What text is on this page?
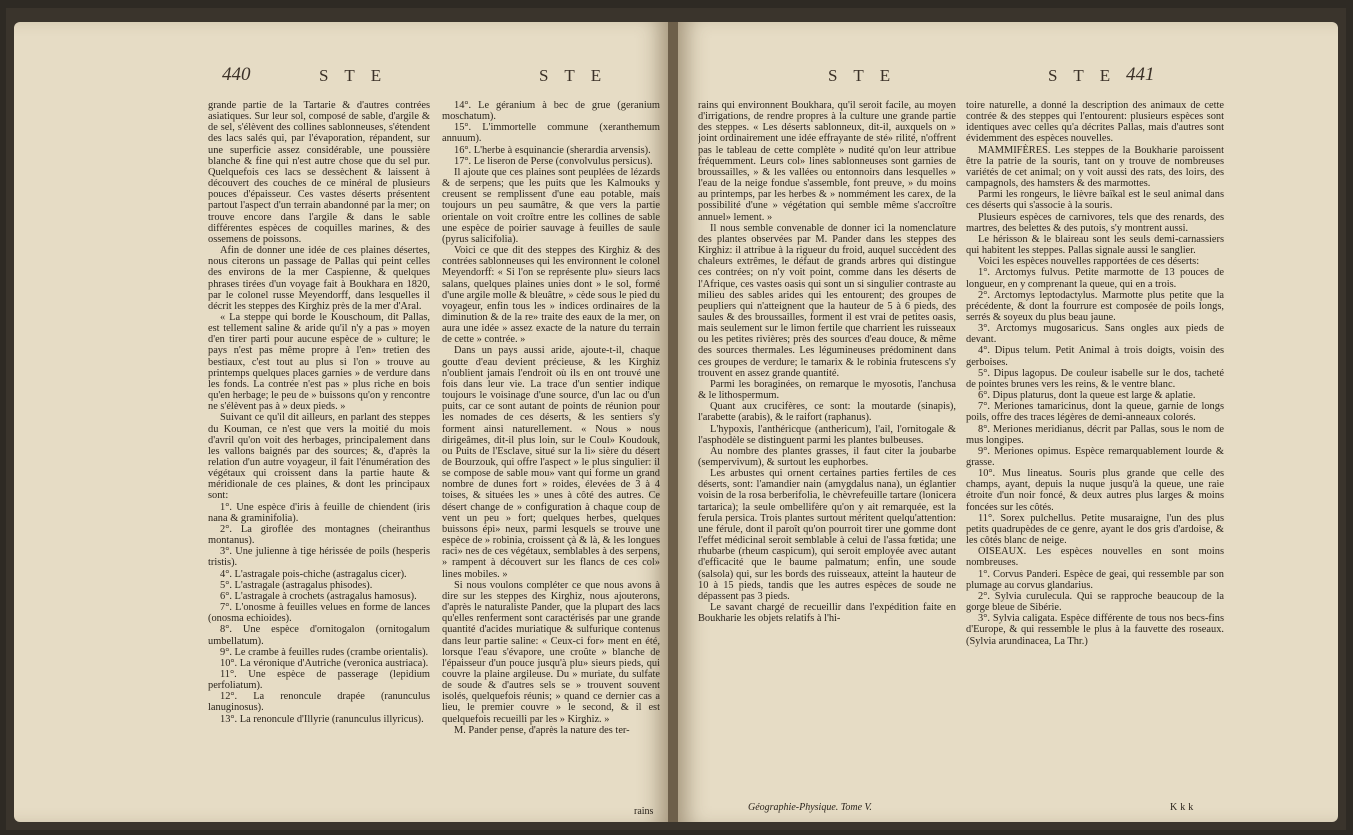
440	S T E	S T E

grande partie de la Tartarie & d'autres contrées asiatiques. Sur leur sol, composé de sable, d'argile & de sel, s'élèvent des collines sablonneuses, s'étendent des lacs salés qui, par l'évaporation, répandent, sur une superficie assez considérable, une poussière blanche & fine qui n'est autre chose que du sel pur. Quelquefois ces lacs se dessèchent & laissent à découvert des couches de ce minéral de plusieurs pouces d'épaisseur. Ces vastes déserts présentent partout l'aspect d'un terrain abandonné par la mer; on trouve encore dans l'argile & dans le sable différentes espèces de coquilles marines, & des ossemens de poissons.

Afin de donner une idée de ces plaines désertes, nous citerons un passage de Pallas qui peint celles des environs de la mer Caspienne, & quelques phrases tirées d'un voyage fait à Boukhara en 1820, par le colonel russe Meyendorff, dans lesquelles il décrit les steppes des Kirghiz près de la mer d'Aral.

« La steppe qui borde le Kouschoum, dit Pallas, est tellement saline & aride qu'il n'y a pas » moyen d'en tirer parti pour aucune espèce de » culture; le pays n'est pas même propre à l'en» tretien des bestiaux, c'est tout au plus si l'on » trouve au printemps quelques places garnies » de verdure dans les fonds. La contrée n'est pas » plus riche en bois qu'en herbage; le peu de » buissons qu'on y rencontre ne s'élèvent pas à » deux pieds. »

Suivant ce qu'il dit ailleurs, en parlant des steppes du Kouman, ce n'est que vers la moitié du mois d'avril qu'on voit des herbages, principalement dans les vallons baignés par des sources; &, d'après la relation d'un autre voyageur, il fait l'énumération des végétaux qui croissent dans la partie haute & méridionale de ces plaines, & dont les principaux sont:

1°. Une espèce d'iris à feuille de chiendent (iris nana & graminifolia).

2°. La giroflée des montagnes (cheiranthus montanus).

3°. Une julienne à tige hérissée de poils (hesperis tristis).

4°. L'astragale pois-chiche (astragalus cicer).

5°. L'astragale (astragalus phisodes).

6°. L'astragale à crochets (astragalus hamosus).

7°. L'onosme à feuilles velues en forme de lances (onosma echioides).

8°. Une espèce d'ornitogalon (ornitogalum umbellatum).

9°. Le crambe à feuilles rudes (crambe orientalis).

10°. La véronique d'Autriche (veronica austriaca).

11°. Une espèce de passerage (lepidium perfoliatum).

12°. La renoncule drapée (ranunculus lanuginosus).

13°. La renoncule d'Illyrie (ranunculus illyricus).

14°. Le géranium à bec de grue (geranium moschatum).

15°. L'immortelle commune (xeranthemum annuum).

16°. L'herbe à esquinancie (sherardia arvensis).

17°. Le liseron de Perse (convolvulus persicus).

Il ajoute que ces plaines sont peuplées de lézards & de serpens; que les puits que les Kalmouks y creusent se remplissent d'une eau potable, mais toujours un peu saumâtre, & que vers la partie orientale on voit croître entre les collines de sable une espèce de poirier sauvage à feuilles de saule (pyrus salicifolia).

Voici ce que dit des steppes des Kirghiz & des contrées sablonneuses qui les environnent le colonel Meyendorff: « Si l'on se représente plu» sieurs lacs salans, quelques plaines unies dont » le sol, formé d'une argile molle & bleuâtre, » cède sous le pied du voyageur, enfin tous les » indices ordinaires de la diminution & de la re» traite des eaux de la mer, on aura une idée » assez exacte de la nature du terrain de cette » contrée. »

Dans un pays aussi aride, ajoute-t-il, chaque goutte d'eau devient précieuse, & les Kirghiz n'oublient jamais l'endroit où ils en ont trouvé une fois dans leur vie. La trace d'un sentier indique toujours le voisinage d'une source, d'un lac ou d'un puits, car ce sont autant de points de réunion pour les nomades de ces déserts, & les sentiers s'y forment ainsi naturellement. « Nous » nous dirigeâmes, dit-il plus loin, sur le Coul» Koudouk, ou Puits de l'Esclave, situé sur la li» sière du désert de Bourzouk, qui offre l'aspect » le plus singulier: il se compose de sable mou» vant qui forme un grand nombre de dunes fort » roides, élevées de 3 à 4 toises, & situées les » unes à côté des autres. Ce désert change de » configuration à chaque coup de vent un peu » fort; quelques herbes, quelques buissons épi» neux, parmi lesquels se trouve une espèce de » robinia, croissent çà & là, & les longues raci» nes de ces végétaux, semblables à des serpens, » rampent à découvert sur les flancs de ces col» lines mobiles. »

Si nous voulons compléter ce que nous avons à dire sur les steppes des Kirghiz, nous ajouterons, d'après le naturaliste Pander, que la plupart des lacs qu'elles renferment sont caractérisés par une grande quantité d'acides muriatique & sulfurique contenus dans leur partie saline: « Ceux-ci for» ment en été, lorsque l'eau s'évapore, une croûte » blanche de l'épaisseur d'un pouce jusqu'à plu» sieurs pieds, qui couvre la plaine argileuse. Du » muriate, du sulfate de soude & d'autres sels se » trouvent souvent isolés, quelquefois réunis; » quand ce dernier cas a lieu, le premier couvre » le second, & il est quelquefois recueilli par les » Kirghiz. »

M. Pander pense, d'après la nature des ter-

rains
S T E	S T E 441

rains qui environnent Boukhara, qu'il seroit facile, au moyen d'irrigations, de rendre propres à la culture une grande partie des steppes. « Les déserts sablonneux, dit-il, auxquels on » joint ordinairement une idée effrayante de sté» rilité, n'offrent pas le tableau de cette complète » nudité qu'on leur attribue fréquemment. Leurs col» lines sablonneuses sont garnies de broussailles, » & les vallées ou entonnoirs dans lesquelles » l'eau de la neige fondue s'assemble, font preuve, » du moins au printemps, par les herbes & » nommément les carex, de la possibilité d'une » végétation qui semble même s'accroître annuel» lement. »

Il nous semble convenable de donner ici la nomenclature des plantes observées par M. Pander dans les steppes des Kirghiz: il attribue à la rigueur du froid, auquel succèdent des chaleurs extrêmes, le défaut de grands arbres qui distingue ces contrées; on n'y voit point, comme dans les déserts de l'Afrique, ces vastes oasis qui sont un si singulier contraste au milieu des sables arides qui les entourent; des groupes de peupliers qui n'atteignent que la hauteur de 5 à 6 pieds, des saules & des broussailles, forment il est vrai de petites oasis, mais seulement sur le limon fertile que charrient les ruisseaux ou les petites rivières; près des sources d'eau douce, & même des sources thermales. Les légumineuses prédominent dans ces groupes de verdure; le tamarix & le robinia frutescens s'y trouvent en assez grande quantité.

Parmi les boraginées, on remarque le myosotis, l'anchusa & le lithospermum.

Quant aux crucifères, ce sont: la moutarde (sinapis), l'arabette (arabis), & le raifort (raphanus).

L'hypoxis, l'anthéricque (anthericum), l'ail, l'ornitogale & l'asphodèle se distinguent parmi les plantes bulbeuses.

Au nombre des plantes grasses, il faut citer la joubarbe (sempervivum), & surtout les euphorbes.

Les arbustes qui ornent certaines parties fertiles de ces déserts, sont: l'amandier nain (amygdalus nana), un églantier voisin de la rosa berberifolia, le chèvrefeuille tartare (lonicera tartarica); la seule ombellifère qu'on y ait remarquée, est la ferula persica. Trois plantes surtout méritent quelqu'attention: une férule, dont il paroît qu'on pourroit tirer une gomme dont l'effet médicinal seroit semblable à celui de l'assa fœtida; une rhubarbe (rheum caspicum), qui seroit employée avec autant d'efficacité que le baume palmatum; enfin, une soude (salsola) qui, sur les bords des ruisseaux, atteint la hauteur de 10 à 15 pieds, tandis que les autres espèces de soude ne dépassent pas 3 pieds.

Le savant chargé de recueillir dans l'expédition faite en Boukharie les objets relatifs à l'hi-

Géographie-Physique. Tome V.

toire naturelle, a donné la description des animaux de cette contrée & des steppes qui l'entourent: plusieurs espèces sont identiques avec celles qu'a décrites Pallas, mais d'autres sont évidemment des espèces nouvelles.

MAMMIFÈRES. Les steppes de la Boukharie paroissent être la patrie de la souris, tant on y trouve de nombreuses variétés de cet animal; on y voit aussi des rats, des loirs, des campagnols, des hamsters & des marmottes.

Parmi les rongeurs, le lièvre baïkal est le seul animal dans ces déserts qui s'associe à la souris.

Plusieurs espèces de carnivores, tels que des renards, des martres, des belettes & des putois, s'y montrent aussi.

Le hérisson & le blaireau sont les seuls demi-carnassiers qui habitent les steppes. Pallas signale aussi le sanglier.

Voici les espèces nouvelles rapportées de ces déserts:

1°. Arctomys fulvus. Petite marmotte de 13 pouces de longueur, en y comprenant la queue, qui en a trois.

2°. Arctomys leptodactylus. Marmotte plus petite que la précédente, & dont la fourrure est composée de poils longs, serrés & soyeux du plus beau jaune.

3°. Arctomys mugosaricus. Sans ongles aux pieds de devant.

4°. Dipus telum. Petit Animal à trois doigts, voisin des gerboises.

5°. Dipus lagopus. De couleur isabelle sur le dos, tacheté de pointes brunes vers les reins, & le ventre blanc.

6°. Dipus platurus, dont la queue est large & aplatie.

7°. Meriones tamaricinus, dont la queue, garnie de longs poils, offre des traces légères de demi-anneaux colorés.

8°. Meriones meridianus, décrit par Pallas, sous le nom de mus longipes.

9°. Meriones opimus. Espèce remarquablement lourde & grasse.

10°. Mus lineatus. Souris plus grande que celle des champs, ayant, depuis la nuque jusqu'à la queue, une raie étroite d'un noir foncé, & deux autres plus larges & moins foncées sur les côtés.

11°. Sorex pulchellus. Petite musaraigne, l'un des plus petits quadrupèdes de ce genre, ayant le dos gris d'ardoise, & les côtés blanc de neige.

OISEAUX. Les espèces nouvelles en sont moins nombreuses.

1°. Corvus Panderi. Espèce de geai, qui ressemble par son plumage au corvus glandarius.

2°. Sylvia curulecula. Qui se rapproche beaucoup de la gorge bleue de Sibérie.

3°. Sylvia caligata. Espèce différente de tous nos becs-fins d'Europe, & qui ressemble le plus à la fauvette des roseaux. (Sylvia arundinacea, La Thr.)

Kkk
